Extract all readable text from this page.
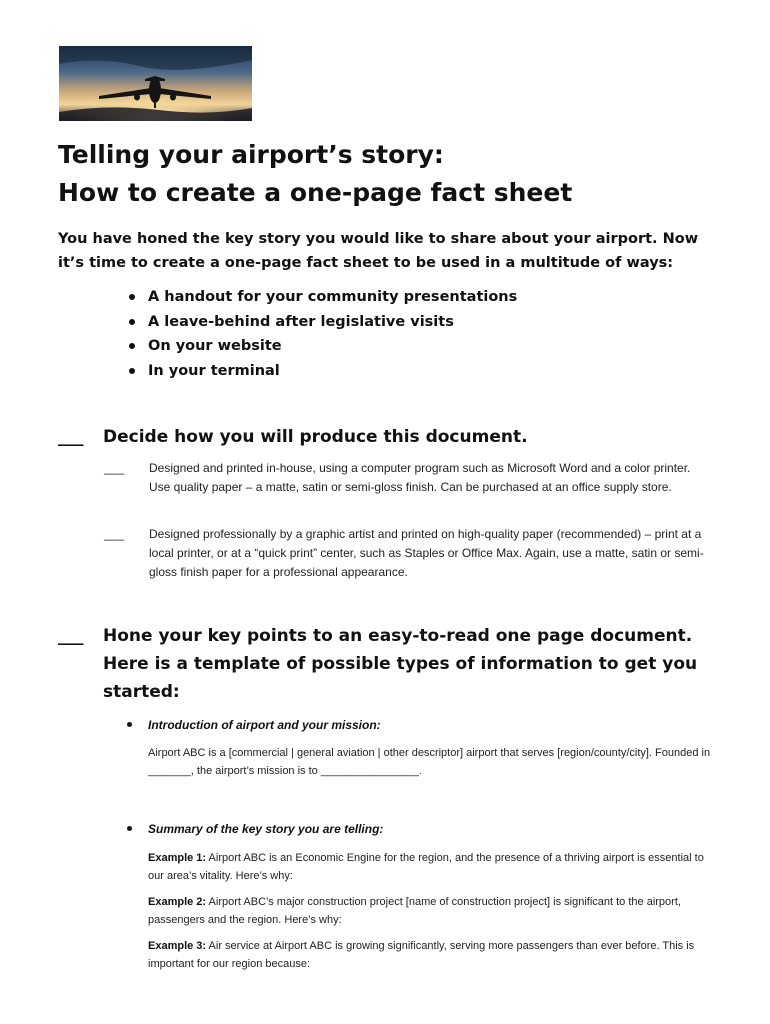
Telling your airport’s story:
How to create a one-page fact sheet
You have honed the key story you would like to share about your airport. Now it’s time to create a one-page fact sheet to be used in a multitude of ways:
A handout for your community presentations
A leave-behind after legislative visits
On your website
In your terminal
___ Decide how you will produce this document.
___ Designed and printed in-house, using a computer program such as Microsoft Word and a color printer. Use quality paper – a matte, satin or semi-gloss finish. Can be purchased at an office supply store.
___ Designed professionally by a graphic artist and printed on high-quality paper (recommended) – print at a local printer, or at a “quick print” center, such as Staples or Office Max. Again, use a matte, satin or semi-gloss finish paper for a professional appearance.
___ Hone your key points to an easy-to-read one page document. Here is a template of possible types of information to get you started:
Introduction of airport and your mission:
Airport ABC is a [commercial | general aviation | other descriptor] airport that serves [region/county/city]. Founded in _______, the airport’s mission is to ________________.
Summary of the key story you are telling:
Example 1: Airport ABC is an Economic Engine for the region, and the presence of a thriving airport is essential to our area’s vitality. Here’s why:
Example 2: Airport ABC’s major construction project [name of construction project] is significant to the airport, passengers and the region. Here’s why:
Example 3: Air service at Airport ABC is growing significantly, serving more passengers than ever before. This is important for our region because:
